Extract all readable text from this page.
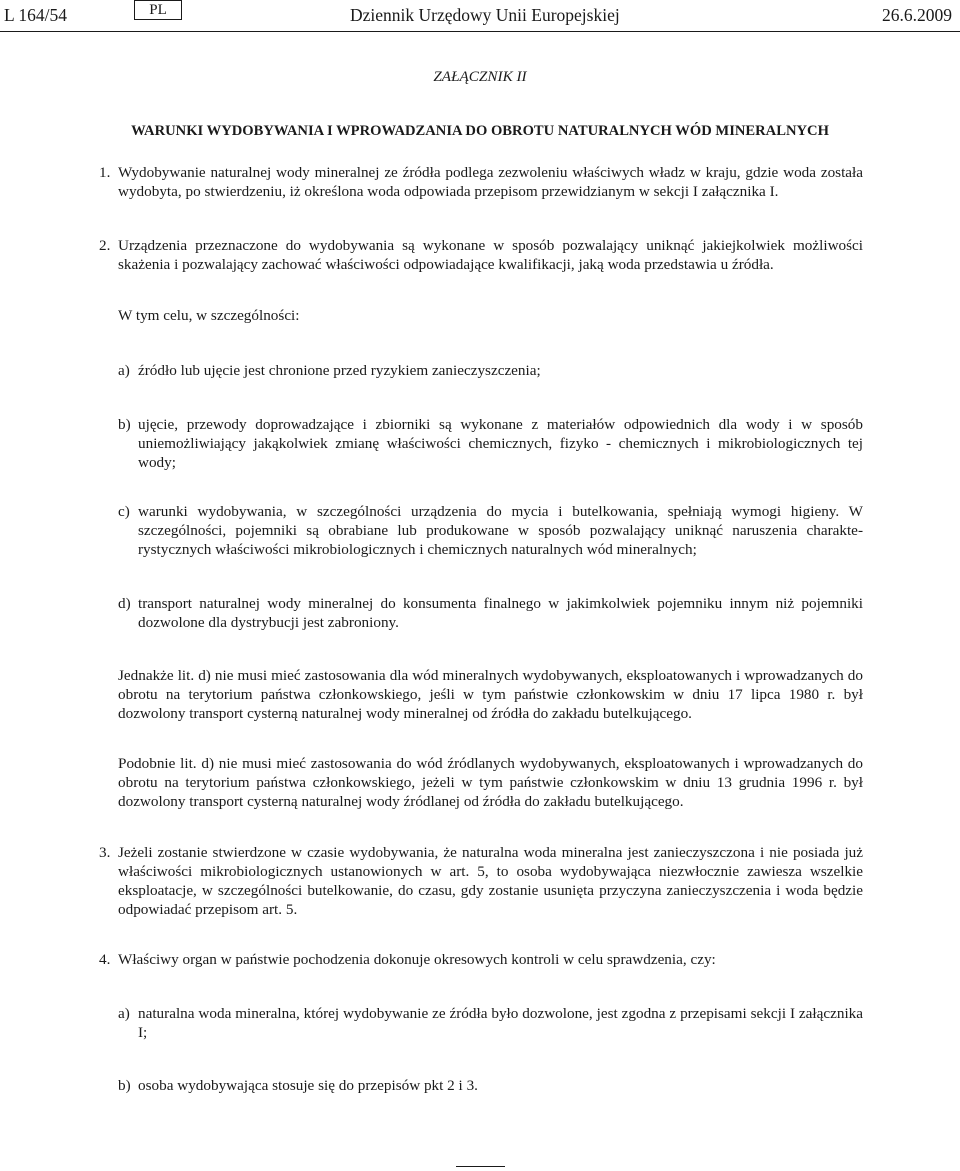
L 164/54	PL	Dziennik Urzędowy Unii Europejskiej	26.6.2009
ZAŁĄCZNIK II
WARUNKI WYDOBYWANIA I WPROWADZANIA DO OBROTU NATURALNYCH WÓD MINERALNYCH
1. Wydobywanie naturalnej wody mineralnej ze źródła podlega zezwoleniu właściwych władz w kraju, gdzie woda została wydobyta, po stwierdzeniu, iż określona woda odpowiada przepisom przewidzianym w sekcji I załącznika I.
2. Urządzenia przeznaczone do wydobywania są wykonane w sposób pozwalający uniknąć jakiejkolwiek możliwości skażenia i pozwalający zachować właściwości odpowiadające kwalifikacji, jaką woda przedstawia u źródła.
W tym celu, w szczególności:
a) źródło lub ujęcie jest chronione przed ryzykiem zanieczyszczenia;
b) ujęcie, przewody doprowadzające i zbiorniki są wykonane z materiałów odpowiednich dla wody i w sposób uniemożliwiający jakąkolwiek zmianę właściwości chemicznych, fizyko - chemicznych i mikrobiologicznych tej wody;
c) warunki wydobywania, w szczególności urządzenia do mycia i butelkowania, spełniają wymogi higieny. W szczególności, pojemniki są obrabiane lub produkowane w sposób pozwalający uniknąć naruszenia charakterystycznych właściwości mikrobiologicznych i chemicznych naturalnych wód mineralnych;
d) transport naturalnej wody mineralnej do konsumenta finalnego w jakimkolwiek pojemniku innym niż pojemniki dozwolone dla dystrybucji jest zabroniony.
Jednakże lit. d) nie musi mieć zastosowania dla wód mineralnych wydobywanych, eksploatowanych i wprowadzanych do obrotu na terytorium państwa członkowskiego, jeśli w tym państwie członkowskim w dniu 17 lipca 1980 r. był dozwolony transport cysterną naturalnej wody mineralnej od źródła do zakładu butelkującego.
Podobnie lit. d) nie musi mieć zastosowania do wód źródlanych wydobywanych, eksploatowanych i wprowadzanych do obrotu na terytorium państwa członkowskiego, jeżeli w tym państwie członkowskim w dniu 13 grudnia 1996 r. był dozwolony transport cysterną naturalnej wody źródlanej od źródła do zakładu butelkującego.
3. Jeżeli zostanie stwierdzone w czasie wydobywania, że naturalna woda mineralna jest zanieczyszczona i nie posiada już właściwości mikrobiologicznych ustanowionych w art. 5, to osoba wydobywająca niezwłocznie zawiesza wszelkie eksploatacje, w szczególności butelkowanie, do czasu, gdy zostanie usunięta przyczyna zanieczyszczenia i woda będzie odpowiadać przepisom art. 5.
4. Właściwy organ w państwie pochodzenia dokonuje okresowych kontroli w celu sprawdzenia, czy:
a) naturalna woda mineralna, której wydobywanie ze źródła było dozwolone, jest zgodna z przepisami sekcji I załącznika I;
b) osoba wydobywająca stosuje się do przepisów pkt 2 i 3.
